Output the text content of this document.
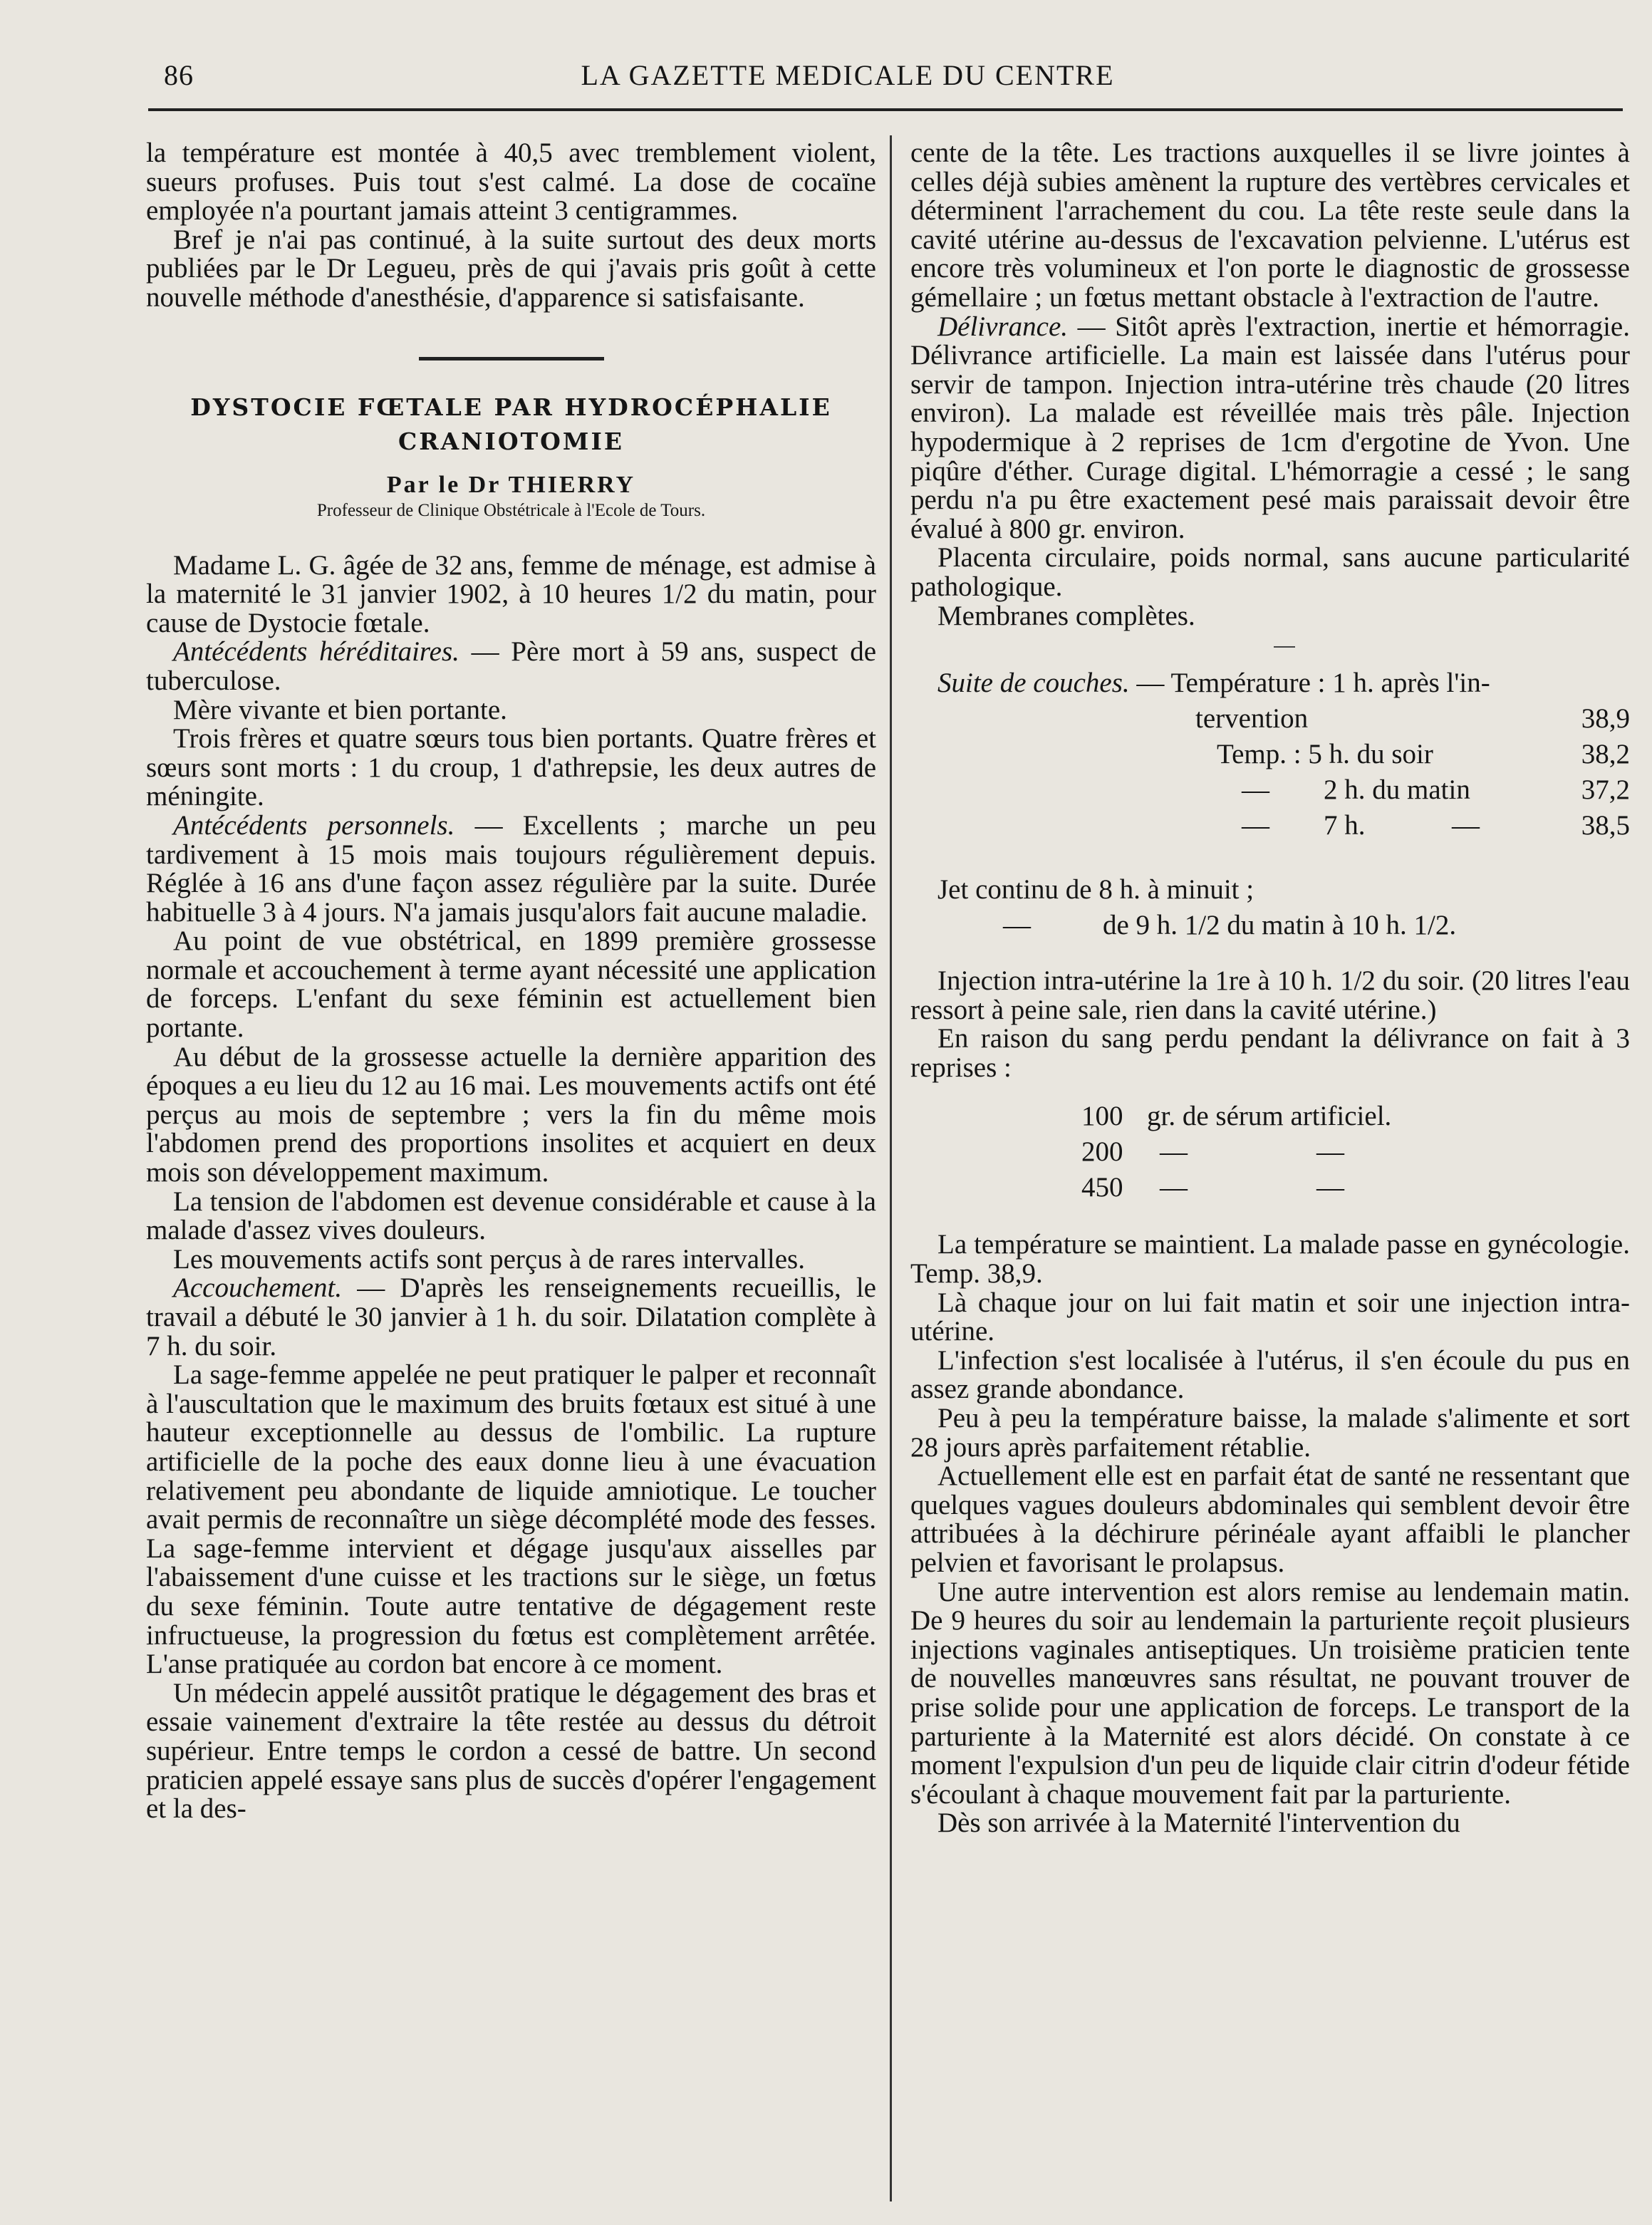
86	LA GAZETTE MEDICALE DU CENTRE

la température est montée à 40,5 avec tremblement violent, sueurs profuses. Puis tout s'est calmé. La dose de cocaïne employée n'a pourtant jamais atteint 3 centigrammes.

Bref je n'ai pas continué, à la suite surtout des deux morts publiées par le Dr Legueu, près de qui j'avais pris goût à cette nouvelle méthode d'anesthésie, d'apparence si satisfaisante.

DYSTOCIE FŒTALE PAR HYDROCÉPHALIE
CRANIOTOMIE
Par le Dr THIERRY
Professeur de Clinique Obstétricale à l'Ecole de Tours.

Madame L. G. âgée de 32 ans, femme de ménage, est admise à la maternité le 31 janvier 1902, à 10 heures 1/2 du matin, pour cause de Dystocie fœtale.

Antécédents héréditaires. — Père mort à 59 ans, suspect de tuberculose.

Mère vivante et bien portante.

Trois frères et quatre sœurs tous bien portants. Quatre frères et sœurs sont morts : 1 du croup, 1 d'athrepsie, les deux autres de méningite.

Antécédents personnels. — Excellents ; marche un peu tardivement à 15 mois mais toujours régulièrement depuis. Réglée à 16 ans d'une façon assez régulière par la suite. Durée habituelle 3 à 4 jours. N'a jamais jusqu'alors fait aucune maladie.

Au point de vue obstétrical, en 1899 première grossesse normale et accouchement à terme ayant nécessité une application de forceps. L'enfant du sexe féminin est actuellement bien portante.

Au début de la grossesse actuelle la dernière apparition des époques a eu lieu du 12 au 16 mai. Les mouvements actifs ont été perçus au mois de septembre ; vers la fin du même mois l'abdomen prend des proportions insolites et acquiert en deux mois son développement maximum.

La tension de l'abdomen est devenue considérable et cause à la malade d'assez vives douleurs.

Les mouvements actifs sont perçus à de rares intervalles.

Accouchement. — D'après les renseignements recueillis, le travail a débuté le 30 janvier à 1 h. du soir. Dilatation complète à 7 h. du soir.

La sage-femme appelée ne peut pratiquer le palper et reconnaît à l'auscultation que le maximum des bruits fœtaux est situé à une hauteur exceptionnelle au dessus de l'ombilic. La rupture artificielle de la poche des eaux donne lieu à une évacuation relativement peu abondante de liquide amniotique. Le toucher avait permis de reconnaître un siège décomplété mode des fesses. La sage-femme intervient et dégage jusqu'aux aisselles par l'abaissement d'une cuisse et les tractions sur le siège, un fœtus du sexe féminin. Toute autre tentative de dégagement reste infructueuse, la progression du fœtus est complètement arrêtée. L'anse pratiquée au cordon bat encore à ce moment.

Un médecin appelé aussitôt pratique le dégagement des bras et essaie vainement d'extraire la tête restée au dessus du détroit supérieur. Entre temps le cordon a cessé de battre. Un second praticien appelé essaye sans plus de succès d'opérer l'engagement et la des-

cente de la tête. Les tractions auxquelles il se livre jointes à celles déjà subies amènent la rupture des vertèbres cervicales et déterminent l'arrachement du cou. La tête reste seule dans la cavité utérine au-dessus de l'excavation pelvienne. L'utérus est encore très volumineux et l'on porte le diagnostic de grossesse gémellaire ; un fœtus mettant obstacle à l'extraction de l'autre.

Délivrance. — Sitôt après l'extraction, inertie et hémorragie. Délivrance artificielle. La main est laissée dans l'utérus pour servir de tampon. Injection intra-utérine très chaude (20 litres environ). La malade est réveillée mais très pâle. Injection hypodermique à 2 reprises de 1cm d'ergotine de Yvon. Une piqûre d'éther. Curage digital. L'hémorragie a cessé ; le sang perdu n'a pu être exactement pesé mais paraissait devoir être évalué à 800 gr. environ.

Placenta circulaire, poids normal, sans aucune particularité pathologique.

Membranes complètes.

Suite de couches. — Température : 1 h. après l'in-
tervention	38,9
Temp. : 5 h. du soir	38,2
— 2 h. du matin	37,2
— 7 h.	—	38,5
Jet continu de 8 h. à minuit ;
—	de 9 h. 1/2 du matin à 10 h. 1/2.

Injection intra-utérine la 1re à 10 h. 1/2 du soir. (20 litres l'eau ressort à peine sale, rien dans la cavité utérine.)

En raison du sang perdu pendant la délivrance on fait à 3 reprises :

100 gr. de sérum artificiel.
200 —	—
450 —	—

La température se maintient. La malade passe en gynécologie. Temp. 38,9.

Là chaque jour on lui fait matin et soir une injection intra-utérine.

L'infection s'est localisée à l'utérus, il s'en écoule du pus en assez grande abondance.

Peu à peu la température baisse, la malade s'alimente et sort 28 jours après parfaitement rétablie.

Actuellement elle est en parfait état de santé ne ressentant que quelques vagues douleurs abdominales qui semblent devoir être attribuées à la déchirure périnéale ayant affaibli le plancher pelvien et favorisant le prolapsus.

Une autre intervention est alors remise au lendemain matin. De 9 heures du soir au lendemain la parturiente reçoit plusieurs injections vaginales antiseptiques. Un troisième praticien tente de nouvelles manœuvres sans résultat, ne pouvant trouver de prise solide pour une application de forceps. Le transport de la parturiente à la Maternité est alors décidé. On constate à ce moment l'expulsion d'un peu de liquide clair citrin d'odeur fétide s'écoulant à chaque mouvement fait par la parturiente.

Dès son arrivée à la Maternité l'intervention du
